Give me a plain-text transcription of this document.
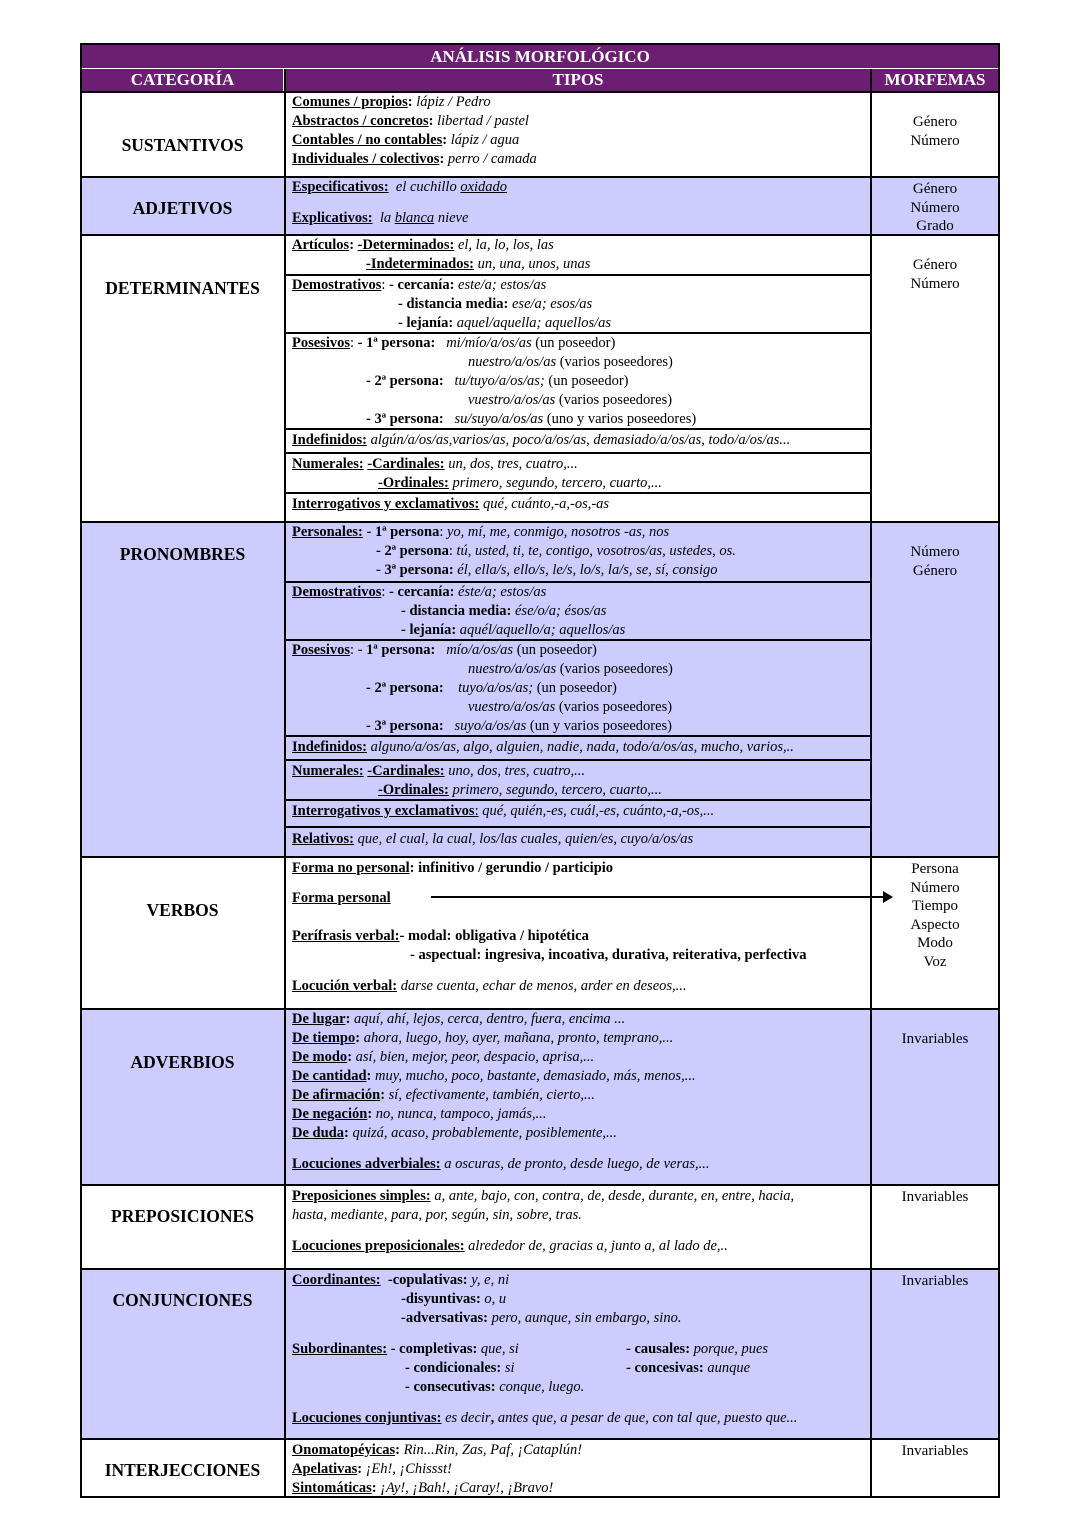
ANÁLISIS MORFOLÓGICO
CATEGORÍA	TIPOS	MORFEMAS
SUSTANTIVOS
Comunes / propios: lápiz / Pedro
Abstractos / concretos: libertad / pastel
Contables / no contables: lápiz / agua
Individuales / colectivos: perro / camada
Género
Número
ADJETIVOS
Especificativos: el cuchillo oxidado
Explicativos: la blanca nieve
Género
Número
Grado
DETERMINANTES
Artículos: -Determinados: el, la, lo, los, las
-Indeterminados: un, una, unos, unas
Demostrativos: - cercanía: este/a; estos/as
- distancia media: ese/a; esos/as
- lejanía: aquel/aquella; aquellos/as
Posesivos: - 1ª persona: mi/mío/a/os/as (un poseedor)
nuestro/a/os/as (varios poseedores)
- 2ª persona: tu/tuyo/a/os/as; (un poseedor)
vuestro/a/os/as (varios poseedores)
- 3ª persona: su/suyo/a/os/as (uno y varios poseedores)
Indefinidos: algún/a/os/as,varios/as, poco/a/os/as, demasiado/a/os/as, todo/a/os/as...
Numerales: -Cardinales: un, dos, tres, cuatro,...
-Ordinales: primero, segundo, tercero, cuarto,...
Interrogativos y exclamativos: qué, cuánto,-a,-os,-as
Género
Número
PRONOMBRES
Personales: - 1ª persona: yo, mí, me, conmigo, nosotros -as, nos
- 2ª persona: tú, usted, ti, te, contigo, vosotros/as, ustedes, os.
- 3ª persona: él, ella/s, ello/s, le/s, lo/s, la/s, se, sí, consigo
Demostrativos: - cercanía: éste/a; estos/as
- distancia media: ése/o/a; ésos/as
- lejanía: aquél/aquello/a; aquellos/as
Posesivos: - 1ª persona: mío/a/os/as (un poseedor)
nuestro/a/os/as (varios poseedores)
- 2ª persona: tuyo/a/os/as; (un poseedor)
vuestro/a/os/as (varios poseedores)
- 3ª persona: suyo/a/os/as (un y varios poseedores)
Indefinidos: alguno/a/os/as, algo, alguien, nadie, nada, todo/a/os/as, mucho, varios,..
Numerales: -Cardinales: uno, dos, tres, cuatro,...
-Ordinales: primero, segundo, tercero, cuarto,...
Interrogativos y exclamativos: qué, quién,-es, cuál,-es, cuánto,-a,-os,...
Relativos: que, el cual, la cual, los/las cuales, quien/es, cuyo/a/os/as
Número
Género
VERBOS
Forma no personal: infinitivo / gerundio / participio
Forma personal
Perífrasis verbal:- modal: obligativa / hipotética
- aspectual: ingresiva, incoativa, durativa, reiterativa, perfectiva
Locución verbal: darse cuenta, echar de menos, arder en deseos,...
Persona
Número
Tiempo
Aspecto
Modo
Voz
ADVERBIOS
De lugar: aquí, ahí, lejos, cerca, dentro, fuera, encima ...
De tiempo: ahora, luego, hoy, ayer, mañana, pronto, temprano,...
De modo: así, bien, mejor, peor, despacio, aprisa,...
De cantidad: muy, mucho, poco, bastante, demasiado, más, menos,...
De afirmación: sí, efectivamente, también, cierto,...
De negación: no, nunca, tampoco, jamás,...
De duda: quizá, acaso, probablemente, posiblemente,...
Locuciones adverbiales: a oscuras, de pronto, desde luego, de veras,...
Invariables
PREPOSICIONES
Preposiciones simples: a, ante, bajo, con, contra, de, desde, durante, en, entre, hacia,
hasta, mediante, para, por, según, sin, sobre, tras.
Locuciones preposicionales: alrededor de, gracias a, junto a, al lado de,..
Invariables
CONJUNCIONES
Coordinantes: -copulativas: y, e, ni
-disyuntivas: o, u
-adversativas: pero, aunque, sin embargo, sino.
Subordinantes: - completivas: que, si
- condicionales: si
- consecutivas: conque, luego.
- causales: porque, pues
- concesivas: aunque
Locuciones conjuntivas: es decir, antes que, a pesar de que, con tal que, puesto que...
Invariables
INTERJECCIONES
Onomatopéyicas: Rin...Rin, Zas, Paf, ¡Cataplún!
Apelativas: ¡Eh!, ¡Chissst!
Sintomáticas: ¡Ay!, ¡Bah!, ¡Caray!, ¡Bravo!
Invariables
